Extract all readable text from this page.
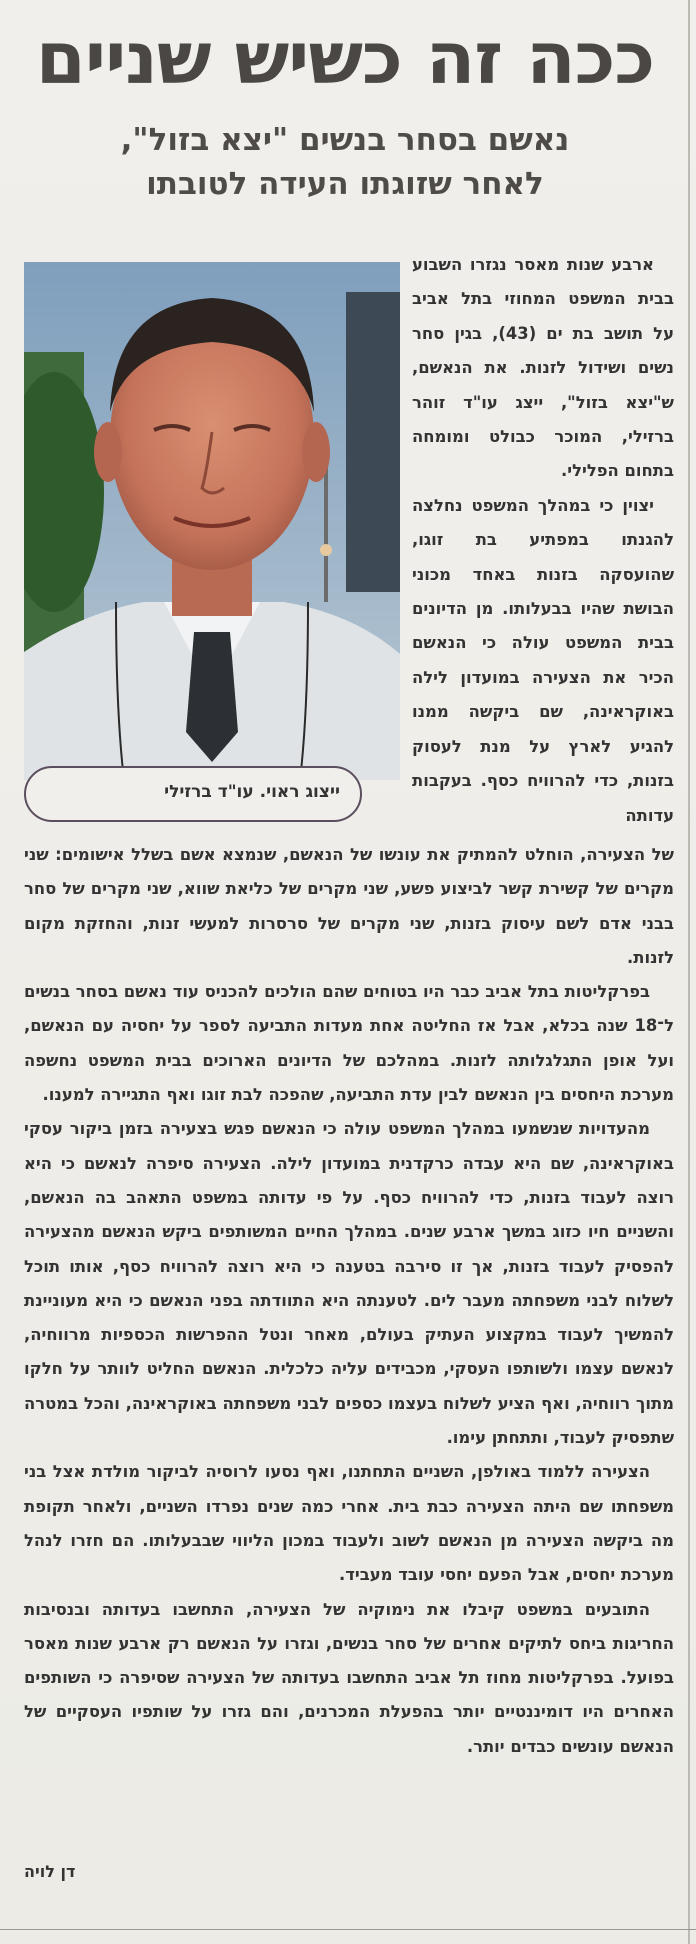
ככה זה כשיש שניים
נאשם בסחר בנשים "יצא בזול",
לאחר שזוגתו העידה לטובתו
ייצוג ראוי. עו"ד ברזילי

ארבע שנות מאסר נגזרו השבוע בבית המשפט המחוזי בתל אביב על תושב בת ים (43), בגין סחר נשים ושידול לזנות. את הנאשם, ש"יצא בזול", ייצג עו"ד זוהר ברזילי, המוכר כבולט ומומחה בתחום הפלילי.

יצוין כי במהלך המשפט נחלצה להגנתו במפתיע בת זוגו, שהועסקה בזנות באחד מכוני הבושת שהיו בבעלותו. מן הדיונים בבית המשפט עולה כי הנאשם הכיר את הצעירה במועדון לילה באוקראינה, שם ביקשה ממנו להגיע לארץ על מנת לעסוק בזנות, כדי להרוויח כסף. בעקבות עדותה

של הצעירה, הוחלט להמתיק את עונשו של הנאשם, שנמצא אשם בשלל אישומים: שני מקרים של קשירת קשר לביצוע פשע, שני מקרים של כליאת שווא, שני מקרים של סחר בבני אדם לשם עיסוק בזנות, שני מקרים של סרסרות למעשי זנות, והחזקת מקום לזנות.

בפרקליטות בתל אביב כבר היו בטוחים שהם הולכים להכניס עוד נאשם בסחר בנשים ל־18 שנה בכלא, אבל אז החליטה אחת מעדות התביעה לספר על יחסיה עם הנאשם, ועל אופן התגלגלותה לזנות. במהלכם של הדיונים הארוכים בבית המשפט נחשפה מערכת היחסים בין הנאשם לבין עדת התביעה, שהפכה לבת זוגו ואף התגיירה למענו.

מהעדויות שנשמעו במהלך המשפט עולה כי הנאשם פגש בצעירה בזמן ביקור עסקי באוקראינה, שם היא עבדה כרקדנית במועדון לילה. הצעירה סיפרה לנאשם כי היא רוצה לעבוד בזנות, כדי להרוויח כסף. על פי עדותה במשפט התאהב בה הנאשם, והשניים חיו כזוג במשך ארבע שנים. במהלך החיים המשותפים ביקש הנאשם מהצעירה להפסיק לעבוד בזנות, אך זו סירבה בטענה כי היא רוצה להרוויח כסף, אותו תוכל לשלוח לבני משפחתה מעבר לים. לטענתה היא התוודתה בפני הנאשם כי היא מעוניינת להמשיך לעבוד במקצוע העתיק בעולם, מאחר ונטל ההפרשות הכספיות מרווחיה, לנאשם עצמו ולשותפו העסקי, מכבידים עליה כלכלית. הנאשם החליט לוותר על חלקו מתוך רווחיה, ואף הציע לשלוח בעצמו כספים לבני משפחתה באוקראינה, והכל במטרה שתפסיק לעבוד, ותתחתן עימו.

הצעירה ללמוד באולפן, השניים התחתנו, ואף נסעו לרוסיה לביקור מולדת אצל בני משפחתו שם היתה הצעירה כבת בית. אחרי כמה שנים נפרדו השניים, ולאחר תקופת מה ביקשה הצעירה מן הנאשם לשוב ולעבוד במכון הליווי שבבעלותו. הם חזרו לנהל מערכת יחסים, אבל הפעם יחסי עובד מעביד.

התובעים במשפט קיבלו את נימוקיה של הצעירה, התחשבו בעדותה ובנסיבות החריגות ביחס לתיקים אחרים של סחר בנשים, וגזרו על הנאשם רק ארבע שנות מאסר בפועל. בפרקליטות מחוז תל אביב התחשבו בעדותה של הצעירה שסיפרה כי השותפים האחרים היו דומיננטיים יותר בהפעלת המכרנים, והם גזרו על שותפיו העסקיים של הנאשם עונשים כבדים יותר.

דן לויה
